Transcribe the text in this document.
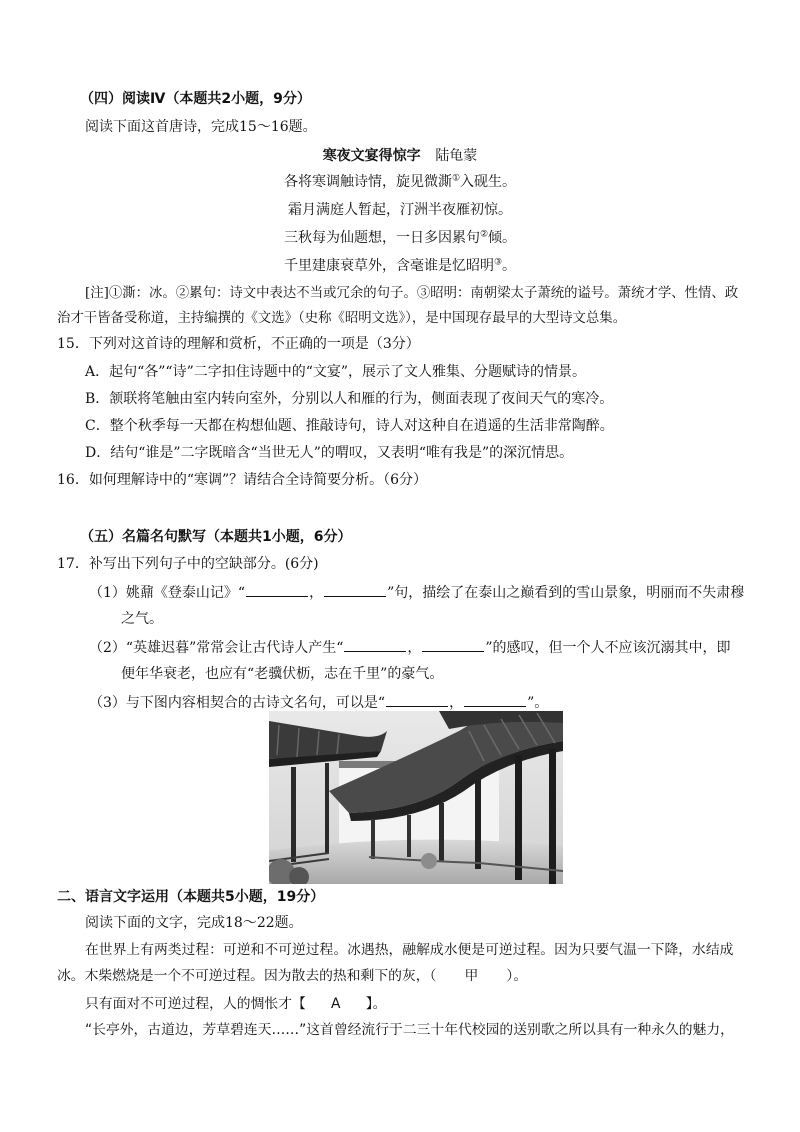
（四）阅读Ⅳ（本题共2小题，9分）
阅读下面这首唐诗，完成15～16题。
寒夜文宴得惊字 陆龟蒙
各将寒调触诗情，旋见微澌①入砚生。
霜月满庭人暂起，汀洲半夜雁初惊。
三秋每为仙题想，一日多因累句②倾。
千里建康衰草外，含毫谁是忆昭明③。
[注]①澌：冰。②累句：诗文中表达不当或冗余的句子。③昭明：南朝梁太子萧统的谥号。萧统才学、性情、政
治才干皆备受称道，主持编撰的《文选》（史称《昭明文选》），是中国现存最早的大型诗文总集。
15．下列对这首诗的理解和赏析，不正确的一项是（3分）
A．起句“各”“诗”二字扣住诗题中的“文宴”，展示了文人雅集、分题赋诗的情景。
B．颔联将笔触由室内转向室外，分别以人和雁的行为，侧面表现了夜间天气的寒冷。
C．整个秋季每一天都在构想仙题、推敲诗句，诗人对这种自在逍遥的生活非常陶醉。
D．结句“谁是”二字既暗含“当世无人”的喟叹，又表明“唯有我是”的深沉情思。
16．如何理解诗中的“寒调”？请结合全诗简要分析。（6分）
（五）名篇名句默写（本题共1小题，6分）
17．补写出下列句子中的空缺部分。(6分)
（1）姚鼐《登泰山记》“	，	”句，描绘了在泰山之巅看到的雪山景象，明丽而不失肃穆
之气。
（2）“英雄迟暮”常常会让古代诗人产生“	，	”的感叹，但一个人不应该沉溺其中，即
便年华衰老，也应有“老骥伏枥，志在千里”的豪气。
（3）与下图内容相契合的古诗文名句，可以是“	，	”。
二、语言文字运用（本题共5小题，19分）
阅读下面的文字，完成18～22题。
在世界上有两类过程：可逆和不可逆过程。冰遇热，融解成水便是可逆过程。因为只要气温一下降，水结成
冰。木柴燃烧是一个不可逆过程。因为散去的热和剩下的灰，（ 甲 ）。
只有面对不可逆过程，人的惆怅才【 A 】。
“长亭外，古道边，芳草碧连天……”这首曾经流行于二三十年代校园的送别歌之所以具有一种永久的魅力，
